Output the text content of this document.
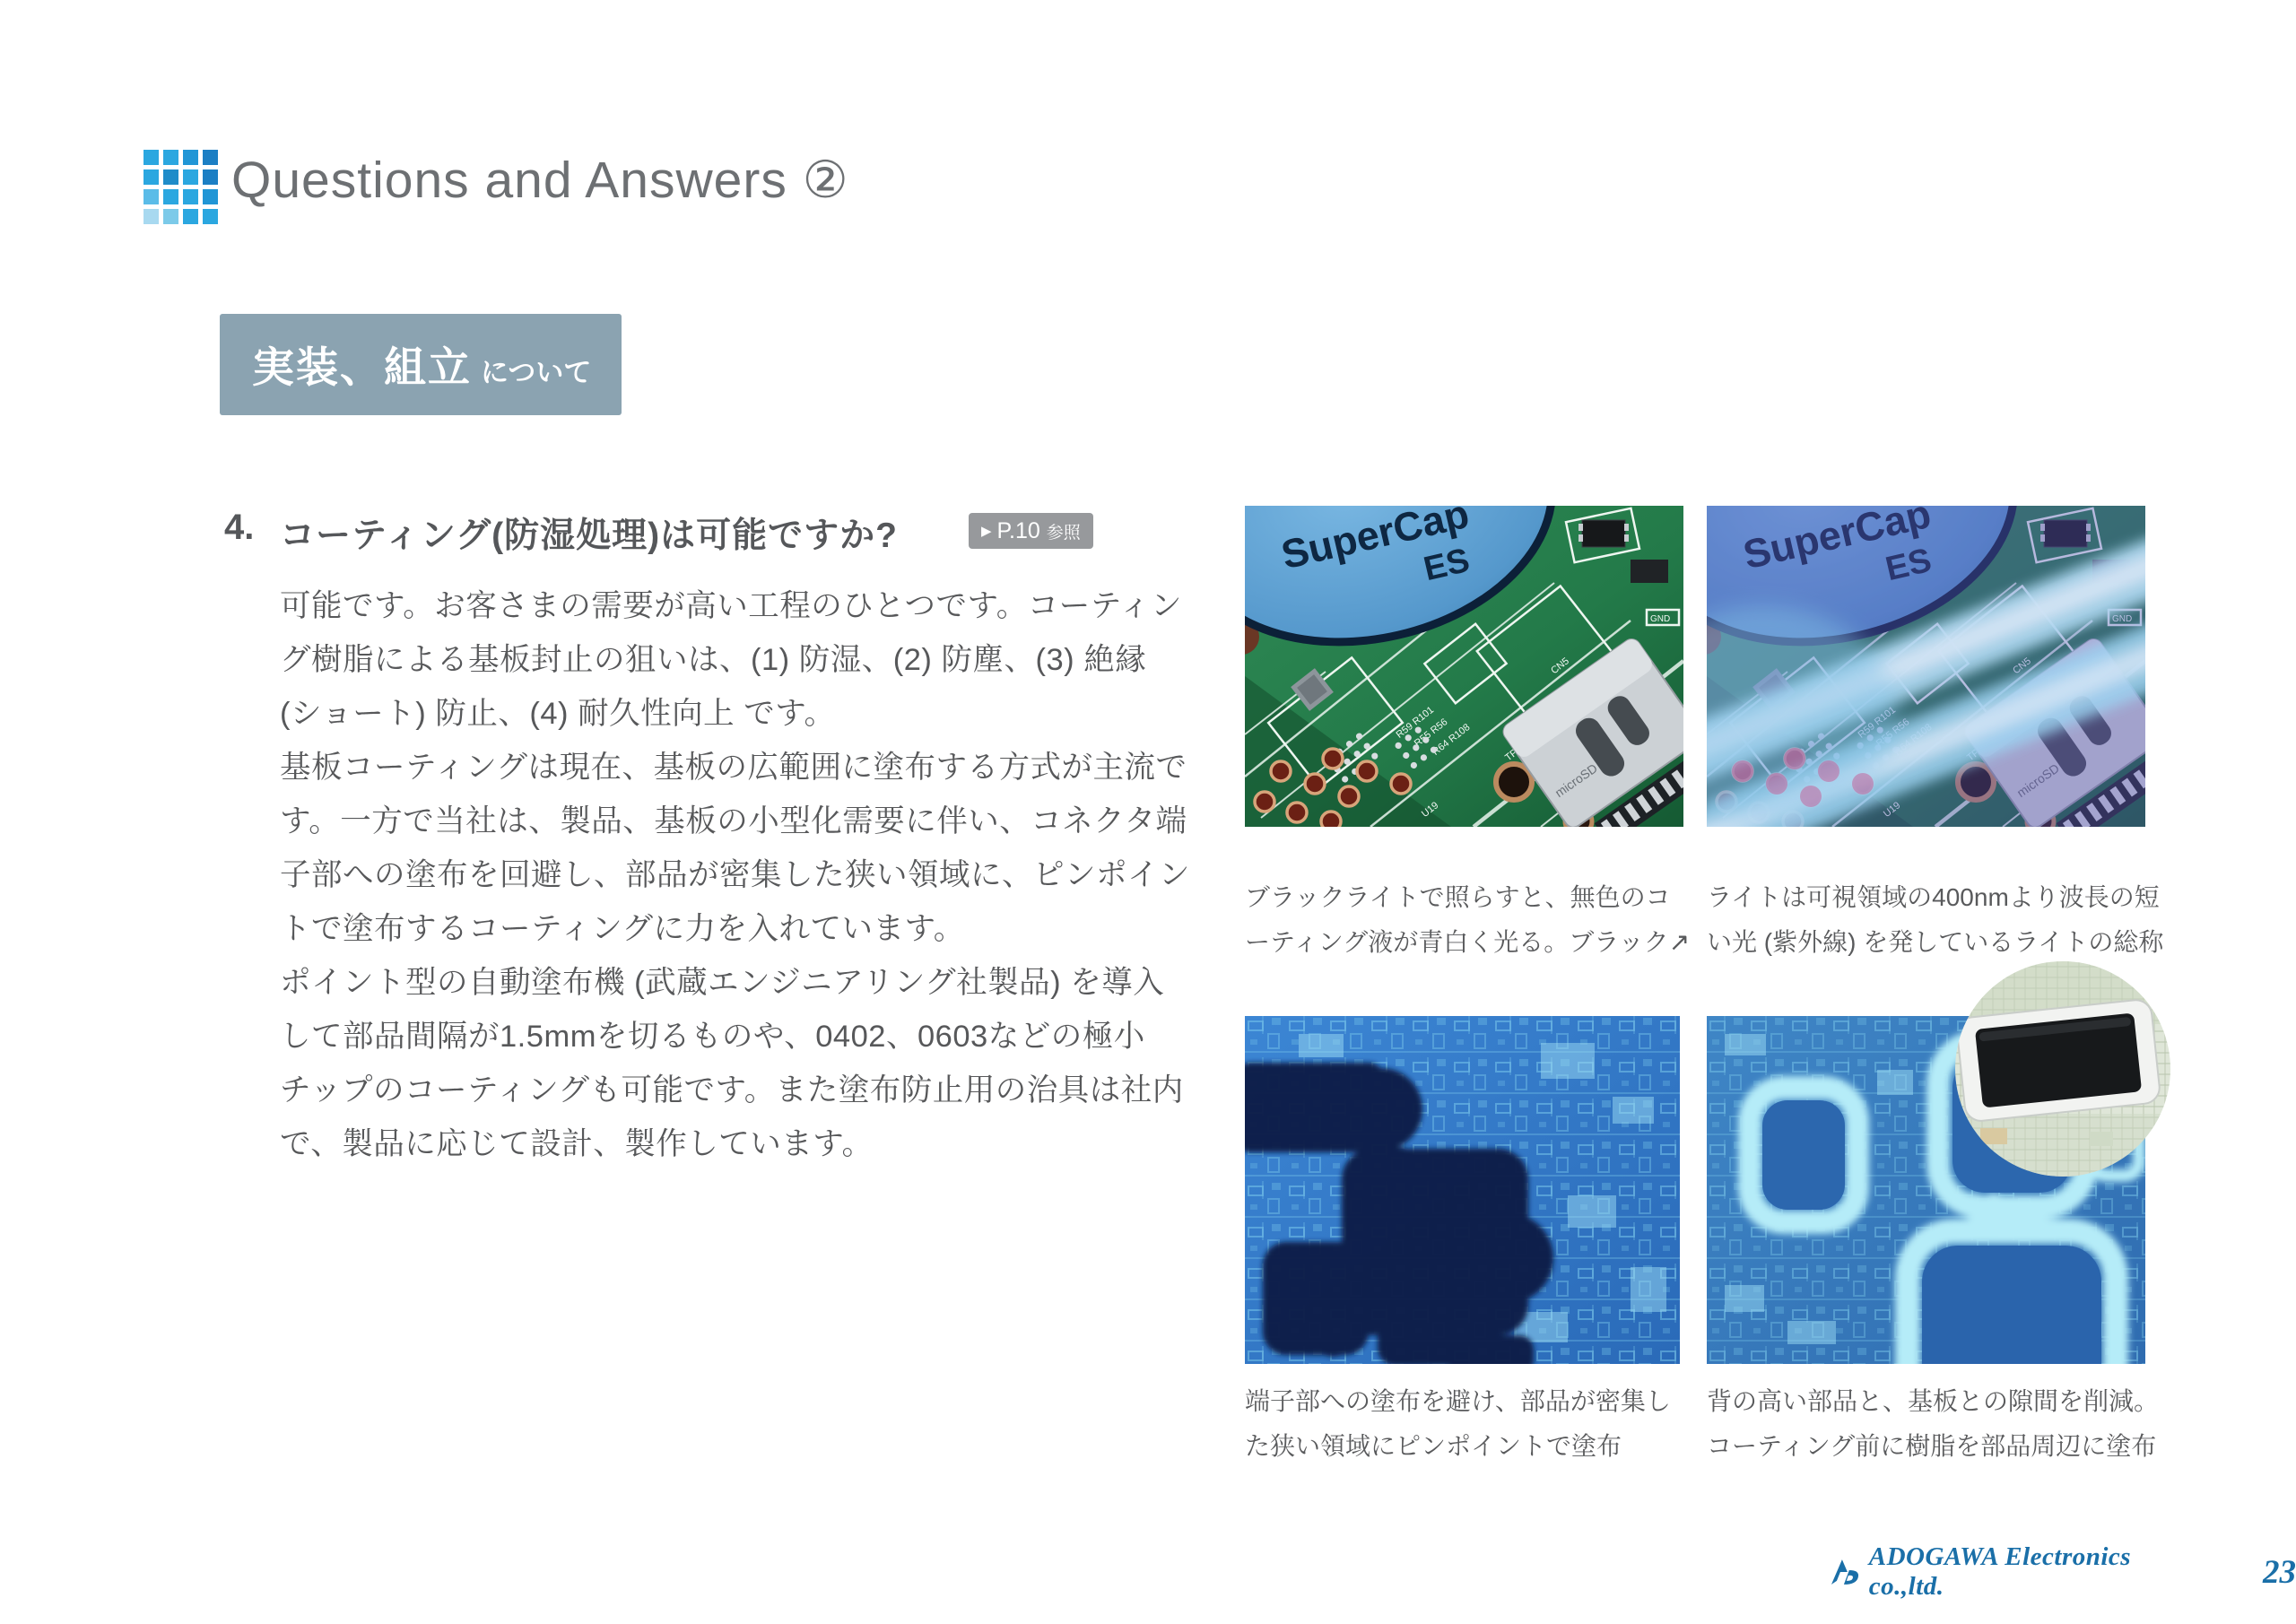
Questions and Answers ②
実装、組立 について
4. コーティング(防湿処理)は可能ですか?	▶ P.10 参照
可能です。お客さまの需要が高い工程のひとつです。コーティン
グ樹脂による基板封止の狙いは、(1) 防湿、(2) 防塵、(3) 絶縁
(ショート) 防止、(4) 耐久性向上 です。
基板コーティングは現在、基板の広範囲に塗布する方式が主流で
す。一方で当社は、製品、基板の小型化需要に伴い、コネクタ端
子部への塗布を回避し、部品が密集した狭い領域に、ピンポイン
トで塗布するコーティングに力を入れています。
ポイント型の自動塗布機 (武蔵エンジニアリング社製品) を導入
して部品間隔が1.5mmを切るものや、0402、0603などの極小
チップのコーティングも可能です。また塗布防止用の治具は社内
で、製品に応じて設計、製作しています。
ブラックライトで照らすと、無色のコ
ーティング液が青白く光る。ブラック↗
ライトは可視領域の400nmより波長の短
い光 (紫外線) を発しているライトの総称
端子部への塗布を避け、部品が密集し
た狭い領域にピンポイントで塗布
背の高い部品と、基板との隙間を削減。
コーティング前に樹脂を部品周辺に塗布
ADOGAWA Electronics co.,ltd.	23
